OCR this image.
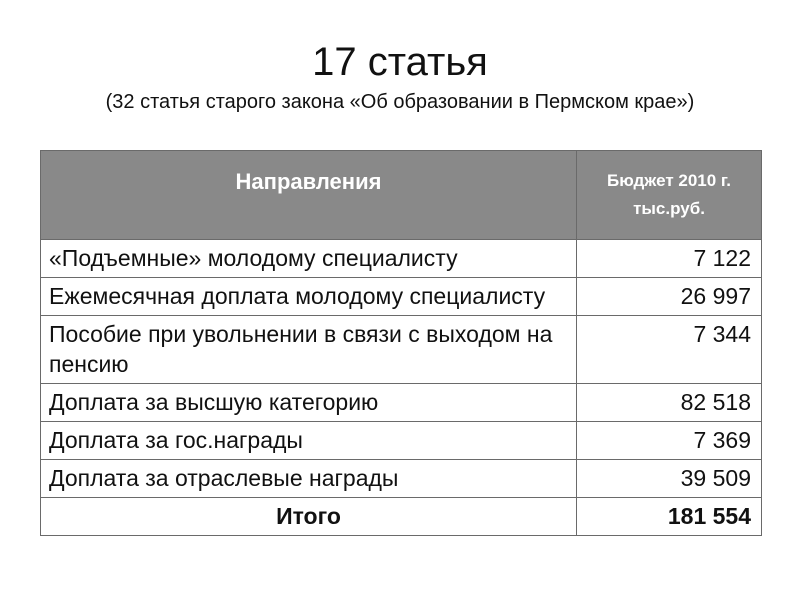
17 статья
(32 статья старого закона «Об образовании в Пермском крае»)
Направления	Бюджет 2010 г.
тыс.руб.

«Подъемные» молодому специалисту	7 122
Ежемесячная доплата молодому специалисту	26 997
Пособие при увольнении в связи с выходом на пенсию	7 344
Доплата за высшую категорию	82 518
Доплата за гос.награды	7 369
Доплата за отраслевые награды	39 509
Итого	181 554
